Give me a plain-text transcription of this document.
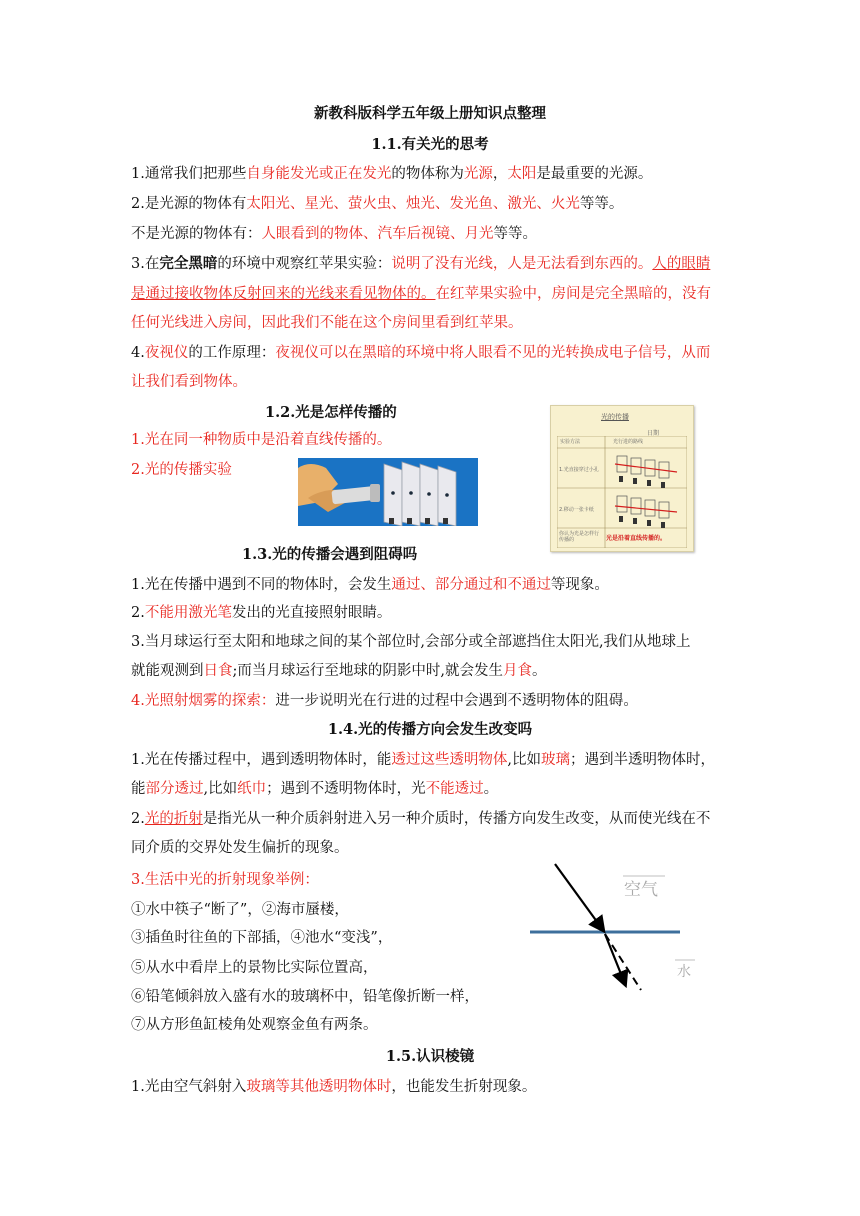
新教科版科学五年级上册知识点整理
1.1.有关光的思考
1.通常我们把那些自身能发光或正在发光的物体称为光源，太阳是最重要的光源。
2.是光源的物体有太阳光、星光、萤火虫、烛光、发光鱼、激光、火光等等。
不是光源的物体有：人眼看到的物体、汽车后视镜、月光等等。
3.在完全黑暗的环境中观察红苹果实验：说明了没有光线，人是无法看到东西的。人的眼睛
是通过接收物体反射回来的光线来看见物体的。在红苹果实验中，房间是完全黑暗的，没有
任何光线进入房间，因此我们不能在这个房间里看到红苹果。
4.夜视仪的工作原理：夜视仪可以在黑暗的环境中将人眼看不见的光转换成电子信号，从而
让我们看到物体。
1.2.光是怎样传播的
1.光在同一种物质中是沿着直线传播的。
2.光的传播实验
光的传播
日期
实验方法	光行进的路线
1.光直接穿过小孔
2.移动一张卡纸
你认为光是怎样行传播的	光是沿着直线传播的。
1.3.光的传播会遇到阻碍吗
1.光在传播中遇到不同的物体时，会发生通过、部分通过和不通过等现象。
2.不能用激光笔发出的光直接照射眼睛。
3.当月球运行至太阳和地球之间的某个部位时,会部分或全部遮挡住太阳光,我们从地球上
就能观测到日食;而当月球运行至地球的阴影中时,就会发生月食。
4.光照射烟雾的探索：进一步说明光在行进的过程中会遇到不透明物体的阻碍。
1.4.光的传播方向会发生改变吗
1.光在传播过程中，遇到透明物体时，能透过这些透明物体,比如玻璃；遇到半透明物体时，
能部分透过,比如纸巾；遇到不透明物体时，光不能透过。
2.光的折射是指光从一种介质斜射进入另一种介质时，传播方向发生改变，从而使光线在不
同介质的交界处发生偏折的现象。
3.生活中光的折射现象举例：
①水中筷子“断了”，②海市蜃楼，
③插鱼时往鱼的下部插，④池水“变浅”，
⑤从水中看岸上的景物比实际位置高，
⑥铅笔倾斜放入盛有水的玻璃杯中，铅笔像折断一样，
⑦从方形鱼缸棱角处观察金鱼有两条。
空气
水
1.5.认识棱镜
1.光由空气斜射入玻璃等其他透明物体时，也能发生折射现象。
